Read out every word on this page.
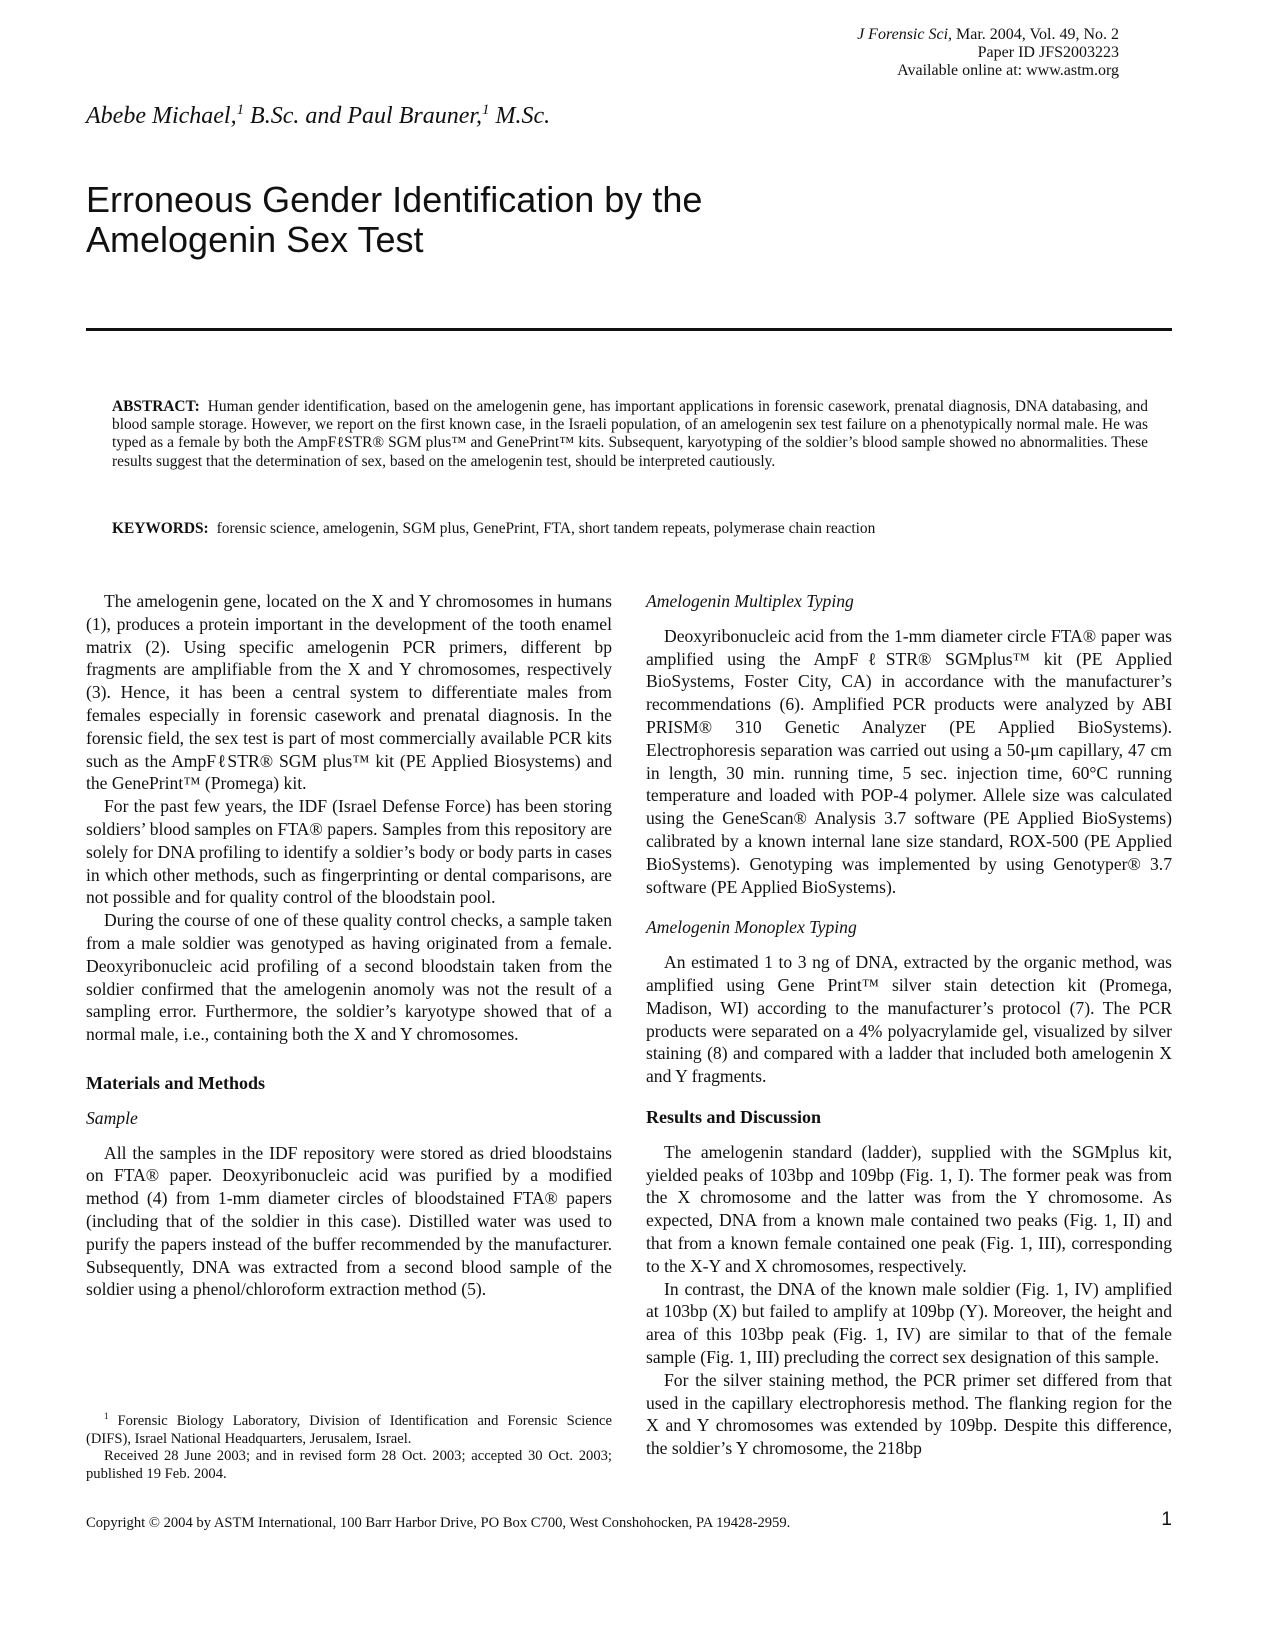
J Forensic Sci, Mar. 2004, Vol. 49, No. 2
Paper ID JFS2003223
Available online at: www.astm.org
Abebe Michael,$^1$ B.Sc. and Paul Brauner,$^1$ M.Sc.
Erroneous Gender Identification by the Amelogenin Sex Test

ABSTRACT: Human gender identification, based on the amelogenin gene, has important applications in forensic casework, prenatal diagnosis, DNA databasing, and blood sample storage. However, we report on the first known case, in the Israeli population, of an amelogenin sex test failure on a phenotypically normal male. He was typed as a female by both the AmpFℓSTR® SGM plus™ and GenePrint™ kits. Subsequent, karyotyping of the soldier’s blood sample showed no abnormalities. These results suggest that the determination of sex, based on the amelogenin test, should be interpreted cautiously.

KEYWORDS: forensic science, amelogenin, SGM plus, GenePrint, FTA, short tandem repeats, polymerase chain reaction

The amelogenin gene, located on the X and Y chromosomes in humans (1), produces a protein important in the development of the tooth enamel matrix (2). Using specific amelogenin PCR primers, different bp fragments are amplifiable from the X and Y chromosomes, respectively (3). Hence, it has been a central system to differentiate males from females especially in forensic casework and prenatal diagnosis. In the forensic field, the sex test is part of most commercially available PCR kits such as the AmpFℓSTR® SGM plus™ kit (PE Applied Biosystems) and the GenePrint™ (Promega) kit.

For the past few years, the IDF (Israel Defense Force) has been storing soldiers’ blood samples on FTA® papers. Samples from this repository are solely for DNA profiling to identify a soldier’s body or body parts in cases in which other methods, such as fingerprinting or dental comparisons, are not possible and for quality control of the bloodstain pool.

During the course of one of these quality control checks, a sample taken from a male soldier was genotyped as having originated from a female. Deoxyribonucleic acid profiling of a second bloodstain taken from the soldier confirmed that the amelogenin anomoly was not the result of a sampling error. Furthermore, the soldier’s karyotype showed that of a normal male, i.e., containing both the X and Y chromosomes.

Materials and Methods

Sample

All the samples in the IDF repository were stored as dried bloodstains on FTA® paper. Deoxyribonucleic acid was purified by a modified method (4) from 1-mm diameter circles of bloodstained FTA® papers (including that of the soldier in this case). Distilled water was used to purify the papers instead of the buffer recommended by the manufacturer. Subsequently, DNA was extracted from a second blood sample of the soldier using a phenol/chloroform extraction method (5).

$^1$ Forensic Biology Laboratory, Division of Identification and Forensic Science (DIFS), Israel National Headquarters, Jerusalem, Israel.

Received 28 June 2003; and in revised form 28 Oct. 2003; accepted 30 Oct. 2003; published 19 Feb. 2004.

Amelogenin Multiplex Typing

Deoxyribonucleic acid from the 1-mm diameter circle FTA® paper was amplified using the AmpFℓSTR® SGMplus™ kit (PE Applied BioSystems, Foster City, CA) in accordance with the manufacturer’s recommendations (6). Amplified PCR products were analyzed by ABI PRISM® 310 Genetic Analyzer (PE Applied BioSystems). Electrophoresis separation was carried out using a 50-μm capillary, 47 cm in length, 30 min. running time, 5 sec. injection time, 60°C running temperature and loaded with POP-4 polymer. Allele size was calculated using the GeneScan® Analysis 3.7 software (PE Applied BioSystems) calibrated by a known internal lane size standard, ROX-500 (PE Applied BioSystems). Genotyping was implemented by using Genotyper® 3.7 software (PE Applied BioSystems).

Amelogenin Monoplex Typing

An estimated 1 to 3 ng of DNA, extracted by the organic method, was amplified using Gene Print™ silver stain detection kit (Promega, Madison, WI) according to the manufacturer’s protocol (7). The PCR products were separated on a 4% polyacrylamide gel, visualized by silver staining (8) and compared with a ladder that included both amelogenin X and Y fragments.

Results and Discussion

The amelogenin standard (ladder), supplied with the SGMplus kit, yielded peaks of 103bp and 109bp (Fig. 1, I). The former peak was from the X chromosome and the latter was from the Y chromosome. As expected, DNA from a known male contained two peaks (Fig. 1, II) and that from a known female contained one peak (Fig. 1, III), corresponding to the X-Y and X chromosomes, respectively.

In contrast, the DNA of the known male soldier (Fig. 1, IV) amplified at 103bp (X) but failed to amplify at 109bp (Y). Moreover, the height and area of this 103bp peak (Fig. 1, IV) are similar to that of the female sample (Fig. 1, III) precluding the correct sex designation of this sample.

For the silver staining method, the PCR primer set differed from that used in the capillary electrophoresis method. The flanking region for the X and Y chromosomes was extended by 109bp. Despite this difference, the soldier’s Y chromosome, the 218bp

Copyright © 2004 by ASTM International, 100 Barr Harbor Drive, PO Box C700, West Conshohocken, PA 19428-2959.	1
